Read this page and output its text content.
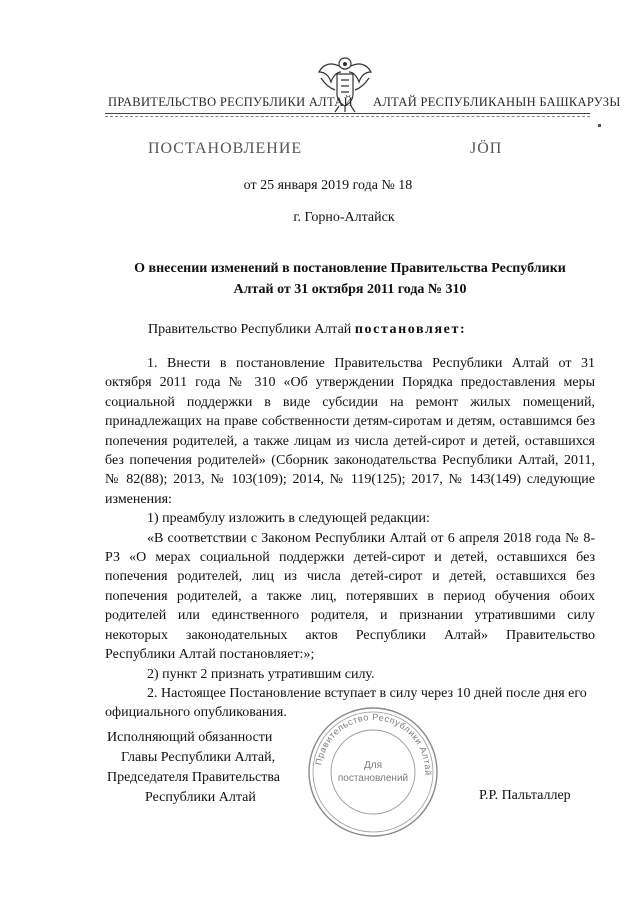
ПРАВИТЕЛЬСТВО РЕСПУБЛИКИ АЛТАЙ АЛТАЙ РЕСПУБЛИКАНЫН БАШКАРУЗЫ
ПОСТАНОВЛЕНИЕ	ЈӦП
от 25 января 2019 года № 18
г. Горно-Алтайск
О внесении изменений в постановление Правительства Республики
Алтай от 31 октября 2011 года № 310
Правительство Республики Алтай постановляет:

1. Внести в постановление Правительства Республики Алтай от 31 октября 2011 года № 310 «Об утверждении Порядка предоставления меры социальной поддержки в виде субсидии на ремонт жилых помещений, принадлежащих на праве собственности детям-сиротам и детям, оставшимся без попечения родителей, а также лицам из числа детей-сирот и детей, оставшихся без попечения родителей» (Сборник законодательства Республики Алтай, 2011, № 82(88); 2013, № 103(109); 2014, № 119(125); 2017, № 143(149) следующие изменения:

1) преамбулу изложить в следующей редакции:

«В соответствии с Законом Республики Алтай от 6 апреля 2018 года № 8-РЗ «О мерах социальной поддержки детей-сирот и детей, оставшихся без попечения родителей, лиц из числа детей-сирот и детей, оставшихся без попечения родителей, а также лиц, потерявших в период обучения обоих родителей или единственного родителя, и признании утратившими силу некоторых законодательных актов Республики Алтай» Правительство Республики Алтай постановляет:»;

2) пункт 2 признать утратившим силу.

2. Настоящее Постановление вступает в силу через 10 дней после дня его официального опубликования.

Исполняющий обязанности
Главы Республики Алтай,
Председателя Правительства
Республики Алтай	Р.Р. Пальталлер
Правительство Республики Алтай
Для
постановлений
